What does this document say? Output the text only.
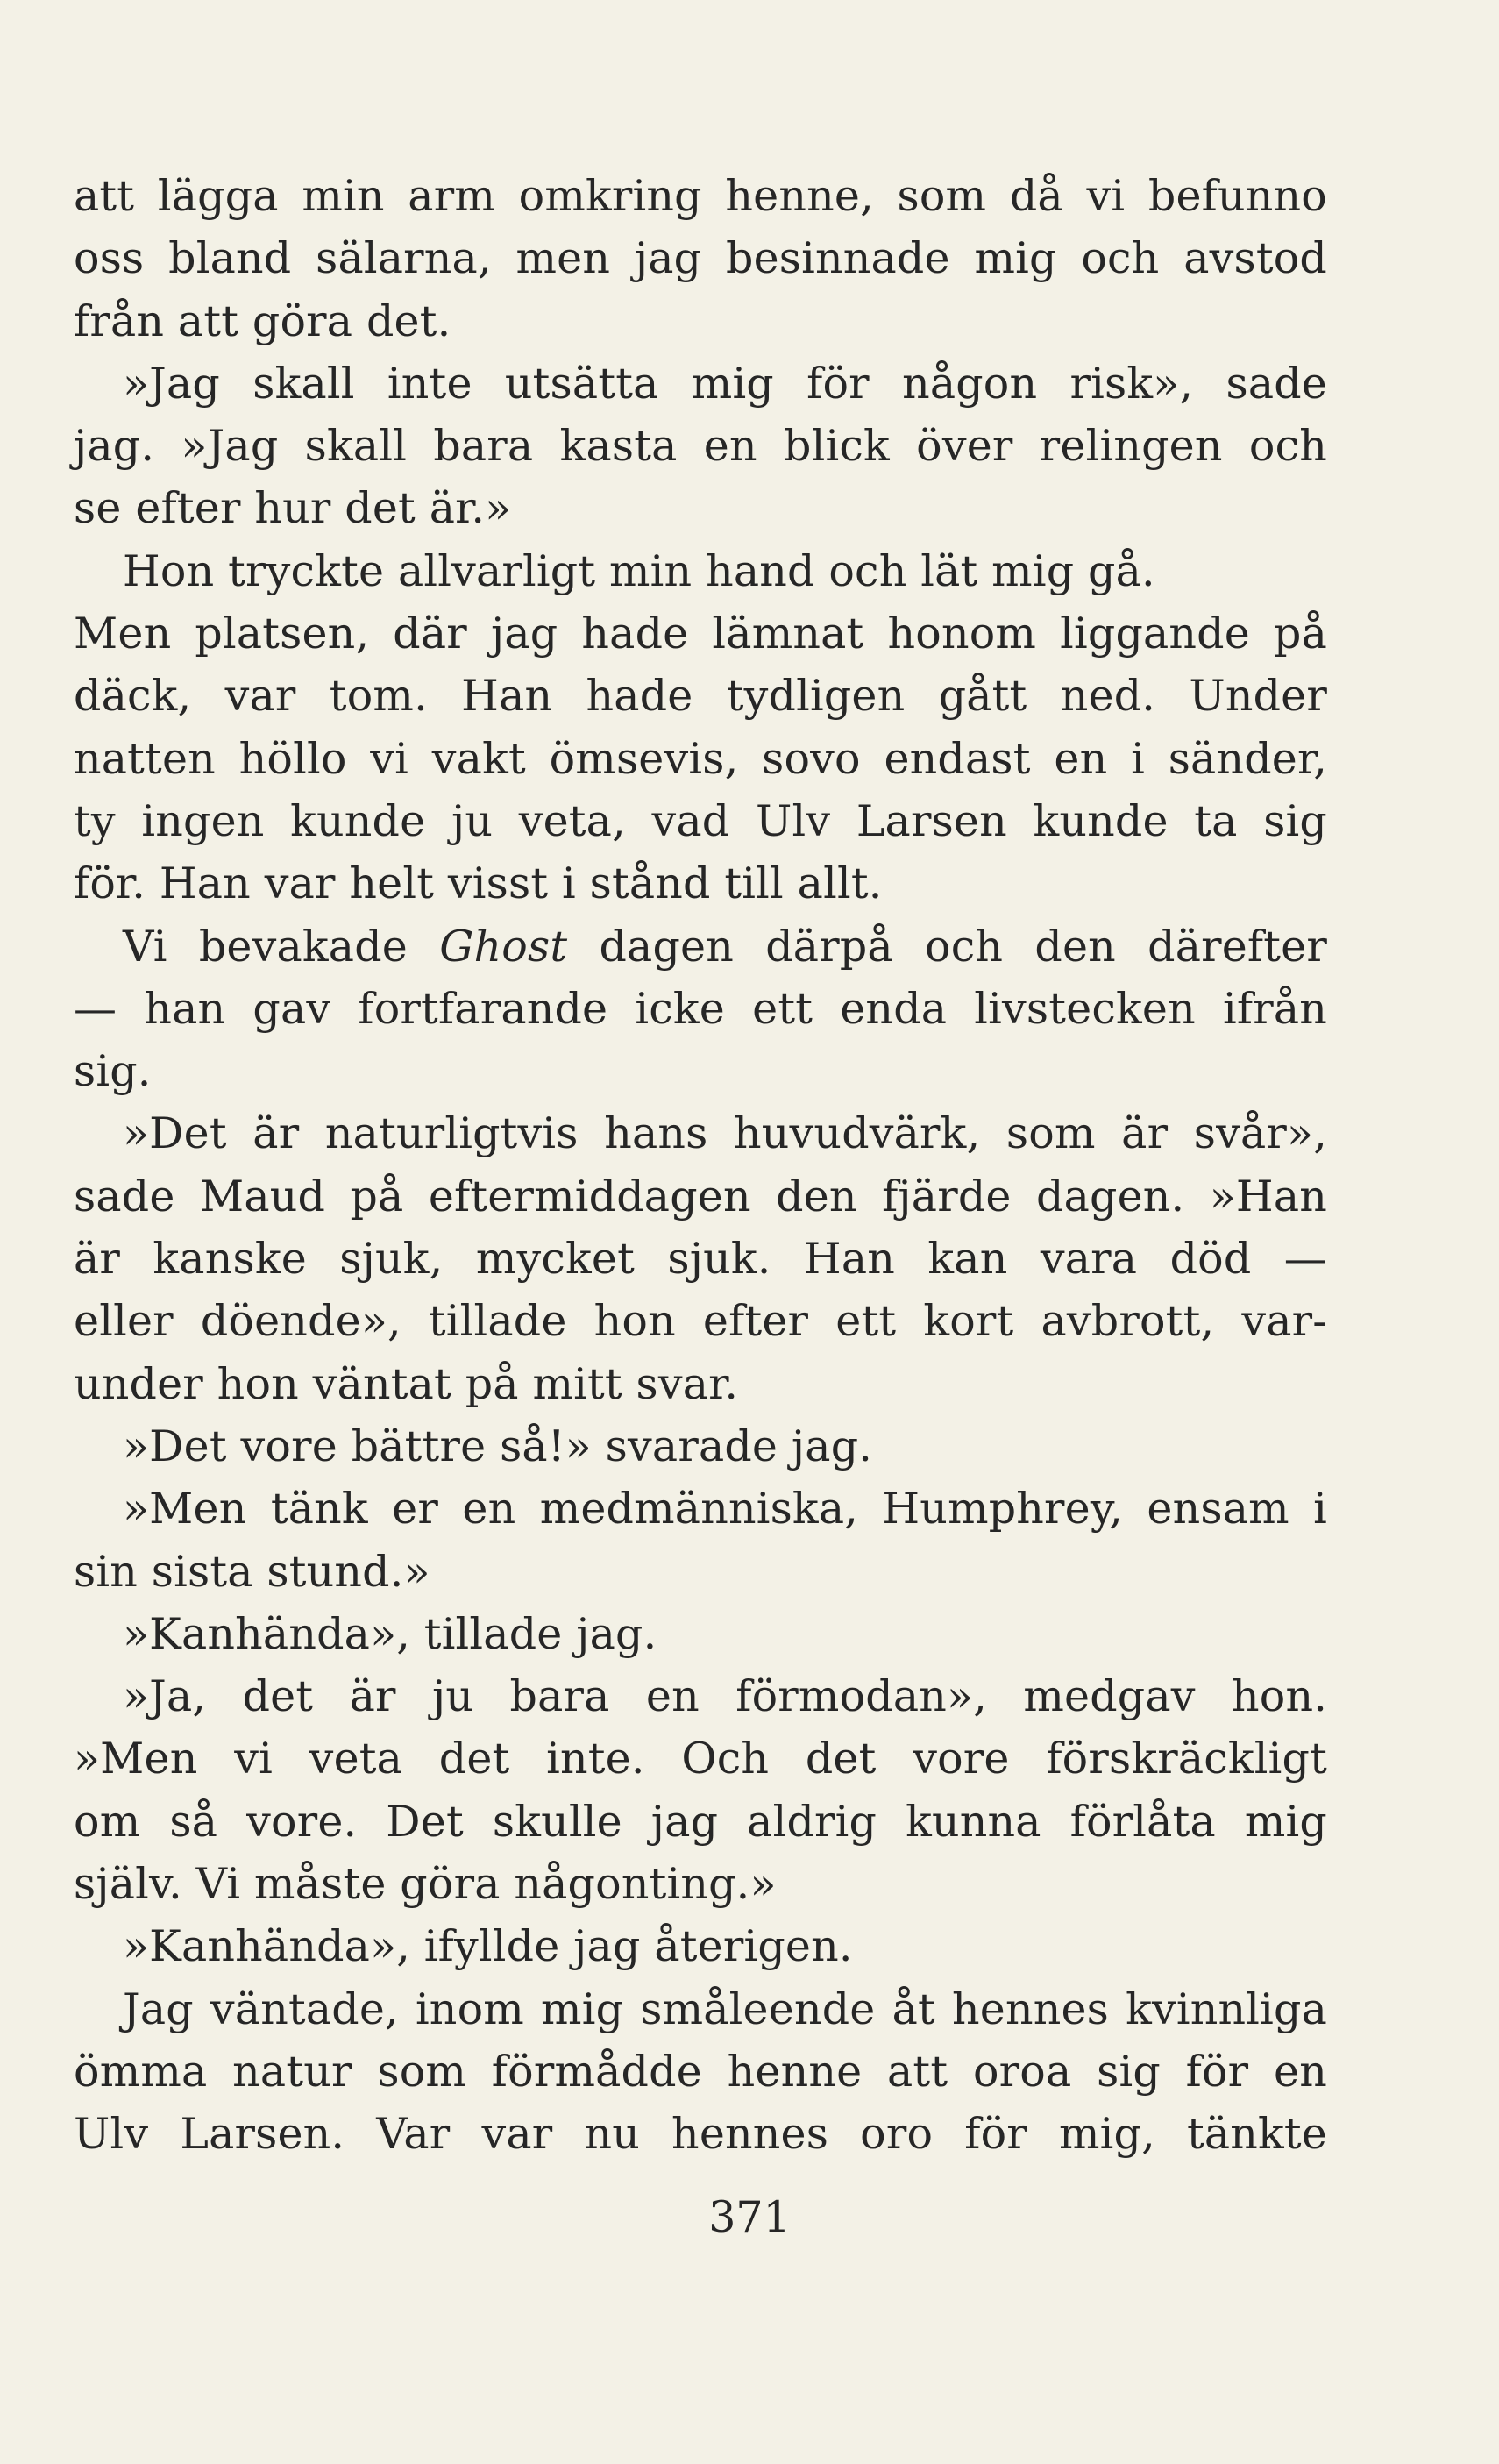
att lägga min arm omkring henne, som då vi befunno
oss bland sälarna, men jag besinnade mig och avstod
från att göra det.
»Jag skall inte utsätta mig för någon risk», sade
jag. »Jag skall bara kasta en blick över relingen och
se efter hur det är.»
Hon tryckte allvarligt min hand och lät mig gå.
Men platsen, där jag hade lämnat honom liggande på
däck, var tom. Han hade tydligen gått ned. Under
natten höllo vi vakt ömsevis, sovo endast en i sänder,
ty ingen kunde ju veta, vad Ulv Larsen kunde ta sig
för. Han var helt visst i stånd till allt.
Vi bevakade Ghost dagen därpå och den därefter
— han gav fortfarande icke ett enda livstecken ifrån
sig.
»Det är naturligtvis hans huvudvärk, som är svår»,
sade Maud på eftermiddagen den fjärde dagen. »Han
är kanske sjuk, mycket sjuk. Han kan vara död —
eller döende», tillade hon efter ett kort avbrott, var-
under hon väntat på mitt svar.
»Det vore bättre så!» svarade jag.
»Men tänk er en medmänniska, Humphrey, ensam i
sin sista stund.»
»Kanhända», tillade jag.
»Ja, det är ju bara en förmodan», medgav hon.
»Men vi veta det inte. Och det vore förskräckligt
om så vore. Det skulle jag aldrig kunna förlåta mig
själv. Vi måste göra någonting.»
»Kanhända», ifyllde jag återigen.
Jag väntade, inom mig småleende åt hennes kvinnliga
ömma natur som förmådde henne att oroa sig för en
Ulv Larsen. Var var nu hennes oro för mig, tänkte
371
